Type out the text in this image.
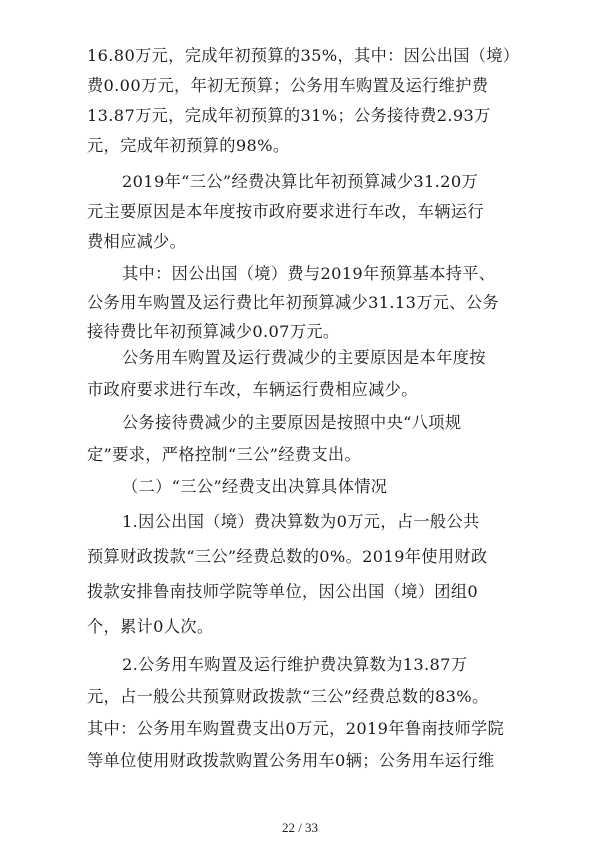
16.80万元，完成年初预算的35%，其中：因公出国（境）
费0.00万元，年初无预算；公务用车购置及运行维护费
13.87万元，完成年初预算的31%；公务接待费2.93万
元，完成年初预算的98%。
2019年“三公”经费决算比年初预算减少31.20万
元主要原因是本年度按市政府要求进行车改，车辆运行
费相应减少。
其中：因公出国（境）费与2019年预算基本持平、
公务用车购置及运行费比年初预算减少31.13万元、公务
接待费比年初预算减少0.07万元。
公务用车购置及运行费减少的主要原因是本年度按
市政府要求进行车改，车辆运行费相应减少。
公务接待费减少的主要原因是按照中央“八项规
定”要求，严格控制“三公”经费支出。
（二）“三公”经费支出决算具体情况
1.因公出国（境）费决算数为0万元，占一般公共
预算财政拨款“三公”经费总数的0%。2019年使用财政
拨款安排鲁南技师学院等单位，因公出国（境）团组0
个，累计0人次。
2.公务用车购置及运行维护费决算数为13.87万
元，占一般公共预算财政拨款“三公”经费总数的83%。
22 / 33
其中：公务用车购置费支出0万元，2019年鲁南技师学院
等单位使用财政拨款购置公务用车0辆；公务用车运行维
